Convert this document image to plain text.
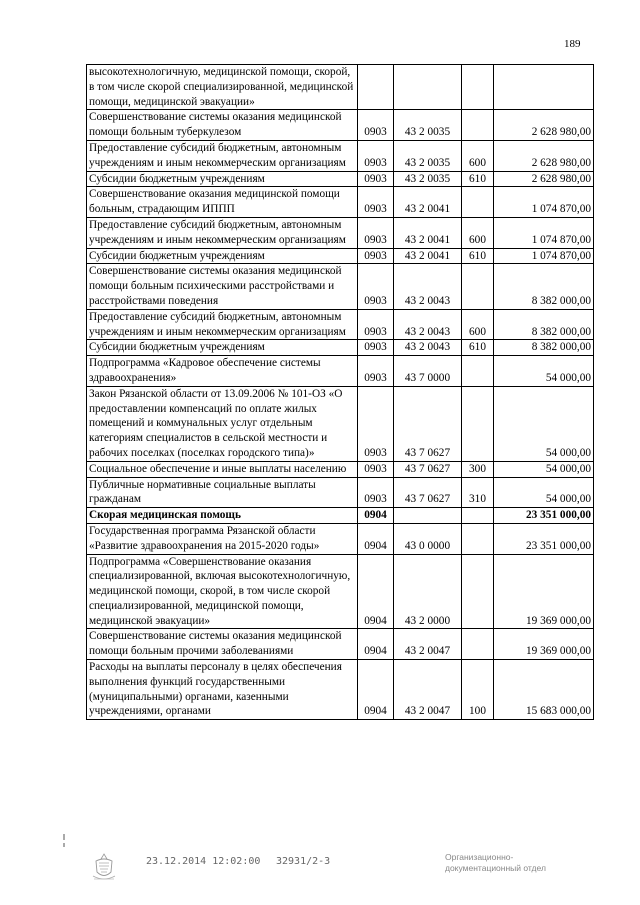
189
высокотехнологичную, медицинской помощи, скорой, в том числе скорой специализированной, медицинской помощи, медицинской эвакуации»				
Совершенствование системы оказания медицинской помощи больным туберкулезом	0903	43 2 0035		2 628 980,00
Предоставление субсидий бюджетным, автономным учреждениям и иным некоммерческим организациям	0903	43 2 0035	600	2 628 980,00
Субсидии бюджетным учреждениям	0903	43 2 0035	610	2 628 980,00
Совершенствование оказания медицинской помощи больным, страдающим ИППП	0903	43 2 0041		1 074 870,00
Предоставление субсидий бюджетным, автономным учреждениям и иным некоммерческим организациям	0903	43 2 0041	600	1 074 870,00
Субсидии бюджетным учреждениям	0903	43 2 0041	610	1 074 870,00
Совершенствование системы оказания медицинской помощи больным психическими расстройствами и расстройствами поведения	0903	43 2 0043		8 382 000,00
Предоставление субсидий бюджетным, автономным учреждениям и иным некоммерческим организациям	0903	43 2 0043	600	8 382 000,00
Субсидии бюджетным учреждениям	0903	43 2 0043	610	8 382 000,00
Подпрограмма «Кадровое обеспечение системы здравоохранения»	0903	43 7 0000		54 000,00
Закон Рязанской области от 13.09.2006 № 101-ОЗ «О предоставлении компенсаций по оплате жилых помещений и коммунальных услуг отдельным категориям специалистов в сельской местности и рабочих поселках (поселках городского типа)»	0903	43 7 0627		54 000,00
Социальное обеспечение и иные выплаты населению	0903	43 7 0627	300	54 000,00
Публичные нормативные социальные выплаты гражданам	0903	43 7 0627	310	54 000,00
Скорая медицинская помощь	0904			23 351 000,00
Государственная программа Рязанской области «Развитие здравоохранения на 2015-2020 годы»	0904	43 0 0000		23 351 000,00
Подпрограмма «Совершенствование оказания специализированной, включая высокотехнологичную, медицинской помощи, скорой, в том числе скорой специализированной, медицинской помощи, медицинской эвакуации»	0904	43 2 0000		19 369 000,00
Совершенствование системы оказания медицинской помощи больным прочими заболеваниями	0904	43 2 0047		19 369 000,00
Расходы на выплаты персоналу в целях обеспечения выполнения функций государственными (муниципальными) органами, казенными учреждениями, органами	0904	43 2 0047	100	15 683 000,00
23.12.2014 12:02:00 32931/2-3	Организационно-
документационный отдел
